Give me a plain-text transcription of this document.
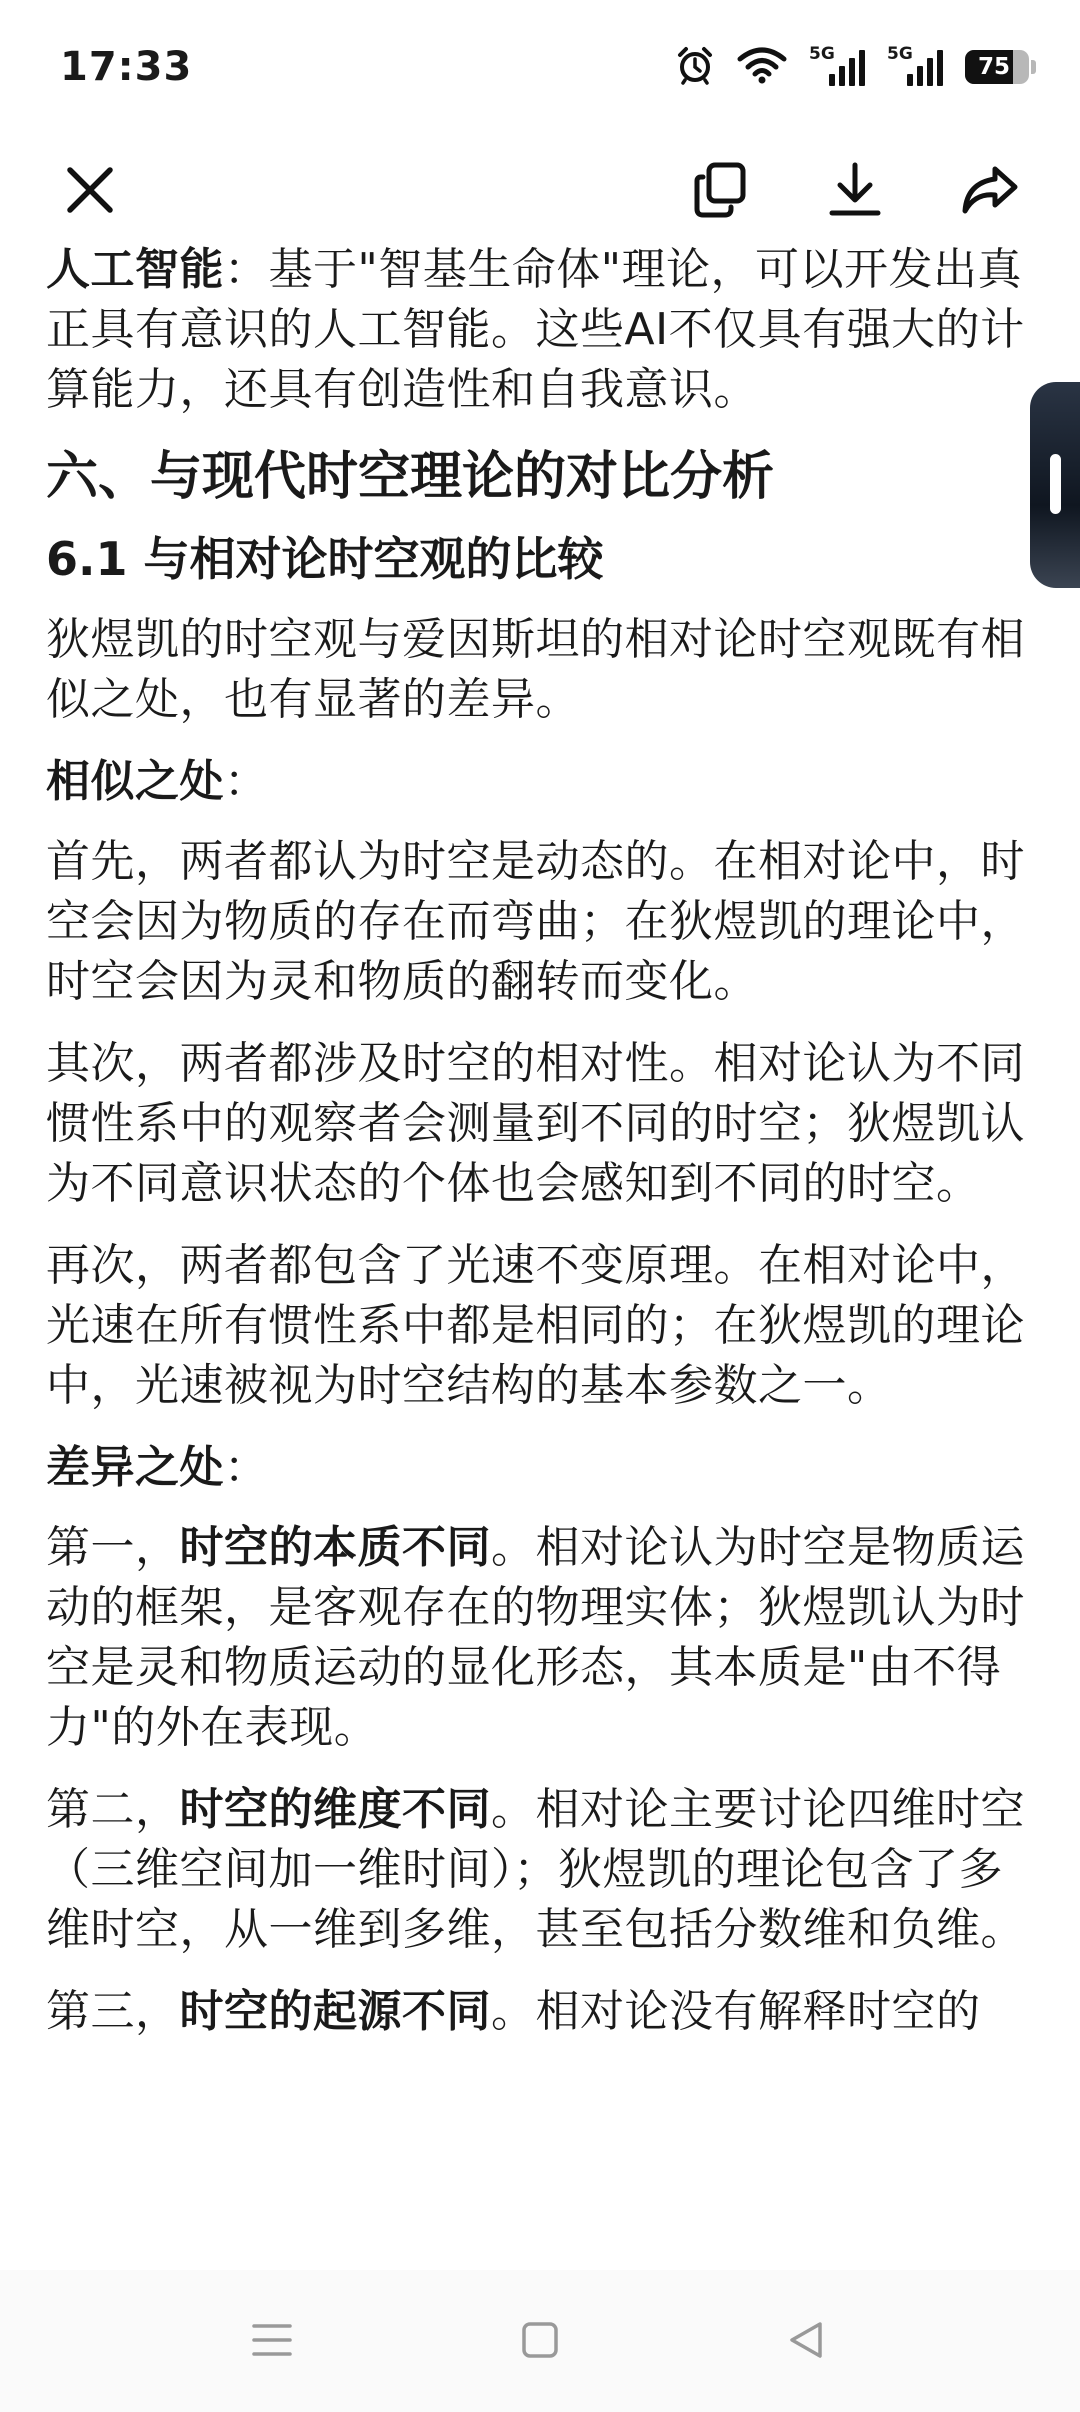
17:33	5G	5G	75

人工智能：基于"智基生命体"理论，可以开发出真正具有意识的人工智能。这些AI不仅具有强大的计算能力，还具有创造性和自我意识。

六、与现代时空理论的对比分析
6.1 与相对论时空观的比较

狄煜凯的时空观与爱因斯坦的相对论时空观既有相似之处，也有显著的差异。

相似之处：

首先，两者都认为时空是动态的。在相对论中，时空会因为物质的存在而弯曲；在狄煜凯的理论中，时空会因为灵和物质的翻转而变化。

其次，两者都涉及时空的相对性。相对论认为不同惯性系中的观察者会测量到不同的时空；狄煜凯认为不同意识状态的个体也会感知到不同的时空。

再次，两者都包含了光速不变原理。在相对论中，光速在所有惯性系中都是相同的；在狄煜凯的理论中，光速被视为时空结构的基本参数之一。

差异之处：

第一，时空的本质不同。相对论认为时空是物质运动的框架，是客观存在的物理实体；狄煜凯认为时空是灵和物质运动的显化形态，其本质是"由不得力"的外在表现。

第二，时空的维度不同。相对论主要讨论四维时空（三维空间加一维时间）；狄煜凯的理论包含了多维时空，从一维到多维，甚至包括分数维和负维。

第三，时空的起源不同。相对论没有解释时空的
